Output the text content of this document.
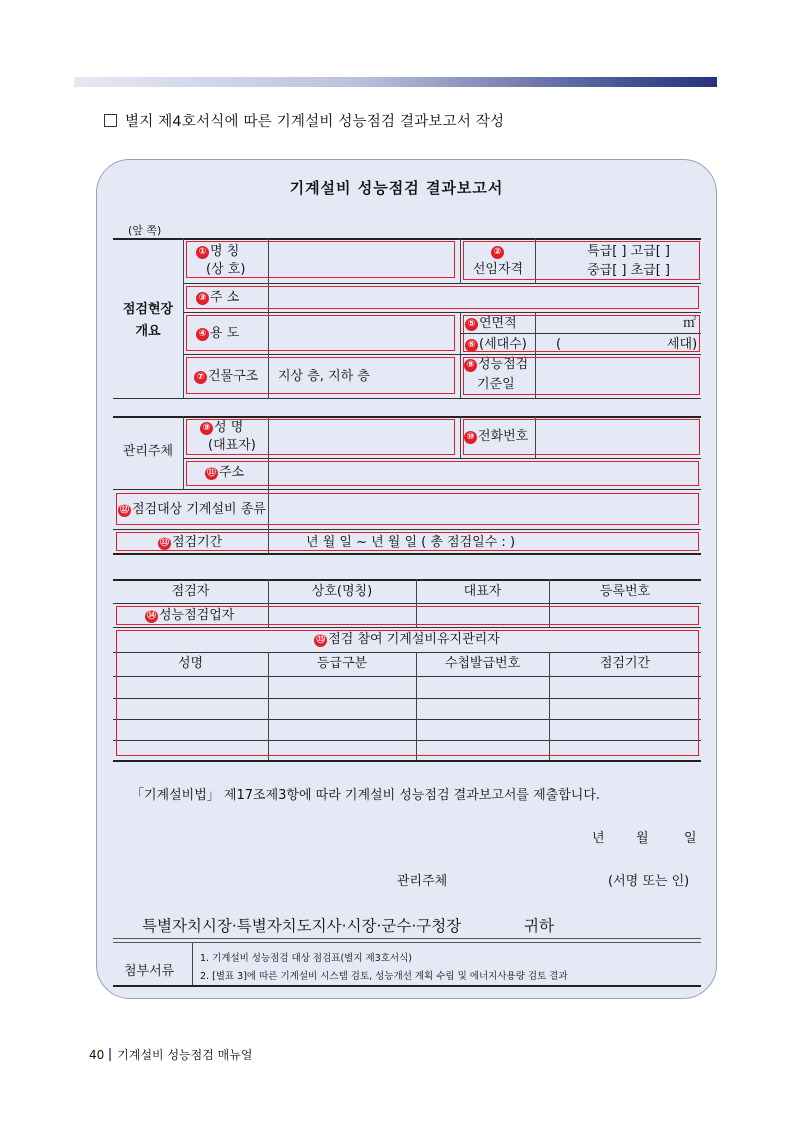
별지 제4호서식에 따른 기계설비 성능점검 결과보고서 작성
기계설비 성능점검 결과보고서
(앞 쪽)
점검현장
개요
① 명 칭
(상 호)
②
선임자격
특급[ ] 고급[ ]
중급[ ] 초급[ ]
③ 주 소
④ 용 도
⑤ 연면적	㎡
⑥ (세대수) (	세대)
⑦ 건물구조 지상 층, 지하 층
⑧ 성능점검
기준일
관리주체
⑨ 성 명
(대표자)
⑩ 전화번호
⑪ 주소
⑫ 점검대상 기계설비 종류
⑬ 점검기간	년 월 일 ~ 년 월 일 ( 총 점검일수 : )
점검자	상호(명칭)	대표자	등록번호
⑭ 성능점검업자
⑮ 점검 참여 기계설비유지관리자
성명	등급구분	수첩발급번호	점검기간
「기계설비법」 제17조제3항에 따라 기계설비 성능점검 결과보고서를 제출합니다.
년 월	일
관리주체	(서명 또는 인)
특별자치시장·특별자치도지사·시장·군수·구청장	귀하
첨부서류
1. 기계설비 성능점검 대상 점검표(별지 제3호서식)
2. [별표 3]에 따른 기계설비 시스템 검토, 성능개선 계획 수립 및 에너지사용량 검토 결과
40 기계설비 성능점검 매뉴얼
